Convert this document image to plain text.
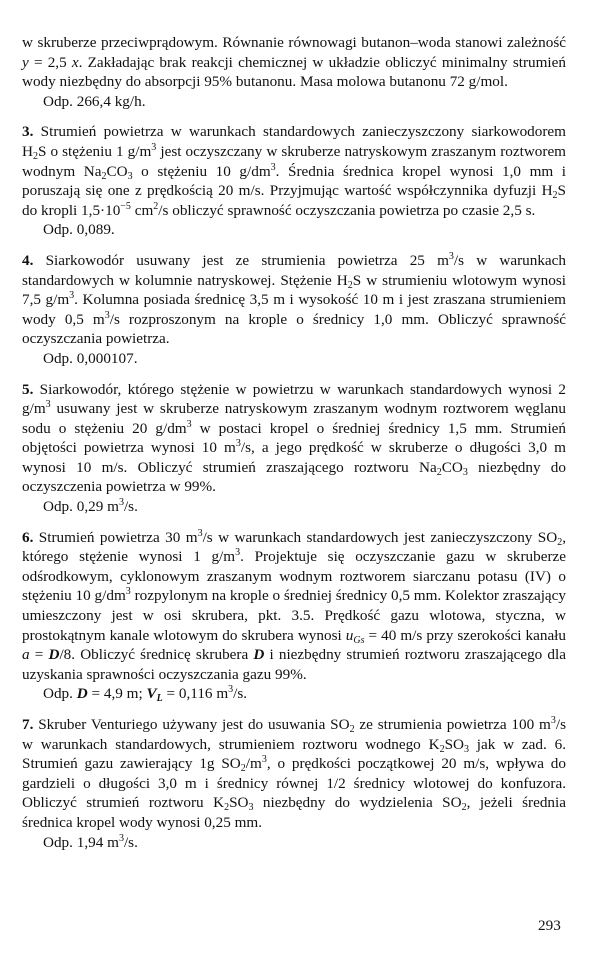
w skruberze przeciwprądowym. Równanie równowagi butanon–woda stanowi zależność y = 2,5 x. Zakładając brak reakcji chemicznej w układzie obliczyć minimalny strumień wody niezbędny do absorpcji 95% butanonu. Masa molowa butanonu 72 g/mol.

Odp. 266,4 kg/h.

3. Strumień powietrza w warunkach standardowych zanieczyszczony siarkowodorem $H_2S$ o stężeniu 1 $g/m^3$ jest oczyszczany w skruberze natryskowym zraszanym roztworem wodnym $Na_2CO_3$ o stężeniu 10 $g/dm^3$. Średnia średnica kropel wynosi 1,0 mm i poruszają się one z prędkością 20 m/s. Przyjmując wartość współczynnika dyfuzji $H_2S$ do kropli $1,5\cdot 10^{-5}$ $cm^2/s$ obliczyć sprawność oczyszczania powietrza po czasie 2,5 s.

Odp. 0,089.

4. Siarkowodór usuwany jest ze strumienia powietrza 25 $m^3/s$ w warunkach standardowych w kolumnie natryskowej. Stężenie $H_2S$ w strumieniu wlotowym wynosi 7,5 $g/m^3$. Kolumna posiada średnicę 3,5 m i wysokość 10 m i jest zraszana strumieniem wody 0,5 $m^3/s$ rozproszonym na krople o średnicy 1,0 mm. Obliczyć sprawność oczyszczania powietrza.

Odp. 0,000107.

5. Siarkowodór, którego stężenie w powietrzu w warunkach standardowych wynosi 2 $g/m^3$ usuwany jest w skruberze natryskowym zraszanym wodnym roztworem węglanu sodu o stężeniu 20 $g/dm^3$ w postaci kropel o średniej średnicy 1,5 mm. Strumień objętości powietrza wynosi 10 $m^3/s$, a jego prędkość w skruberze o długości 3,0 m wynosi 10 m/s. Obliczyć strumień zraszającego roztworu $Na_2CO_3$ niezbędny do oczyszczenia powietrza w 99%.

Odp. 0,29 $m^3/s$.

6. Strumień powietrza 30 $m^3/s$ w warunkach standardowych jest zanieczyszczony $SO_2$, którego stężenie wynosi 1 $g/m^3$. Projektuje się oczyszczanie gazu w skruberze odśrodkowym, cyklonowym zraszanym wodnym roztworem siarczanu potasu (IV) o stężeniu 10 $g/dm^3$ rozpylonym na krople o średniej średnicy 0,5 mm. Kolektor zraszający umieszczony jest w osi skrubera, pkt. 3.5. Prędkość gazu wlotowa, styczna, w prostokątnym kanale wlotowym do skrubera wynosi $u_{Gs} = 40$ m/s przy szerokości kanału a = D/8. Obliczyć średnicę skrubera D i niezbędny strumień roztworu zraszającego dla uzyskania sprawności oczyszczania gazu 99%.

Odp. D = 4,9 m; $V_L = 0,116$ $m^3/s$.

7. Skruber Venturiego używany jest do usuwania $SO_2$ ze strumienia powietrza 100 $m^3/s$ w warunkach standardowych, strumieniem roztworu wodnego $K_2SO_3$ jak w zad. 6. Strumień gazu zawierający 1g $SO_2/m^3$, o prędkości początkowej 20 m/s, wpływa do gardzieli o długości 3,0 m i średnicy równej 1/2 średnicy wlotowej do konfuzora. Obliczyć strumień roztworu $K_2SO_3$ niezbędny do wydzielenia $SO_2$, jeżeli średnia średnica kropel wody wynosi 0,25 mm.

Odp. 1,94 $m^3/s$.

293
